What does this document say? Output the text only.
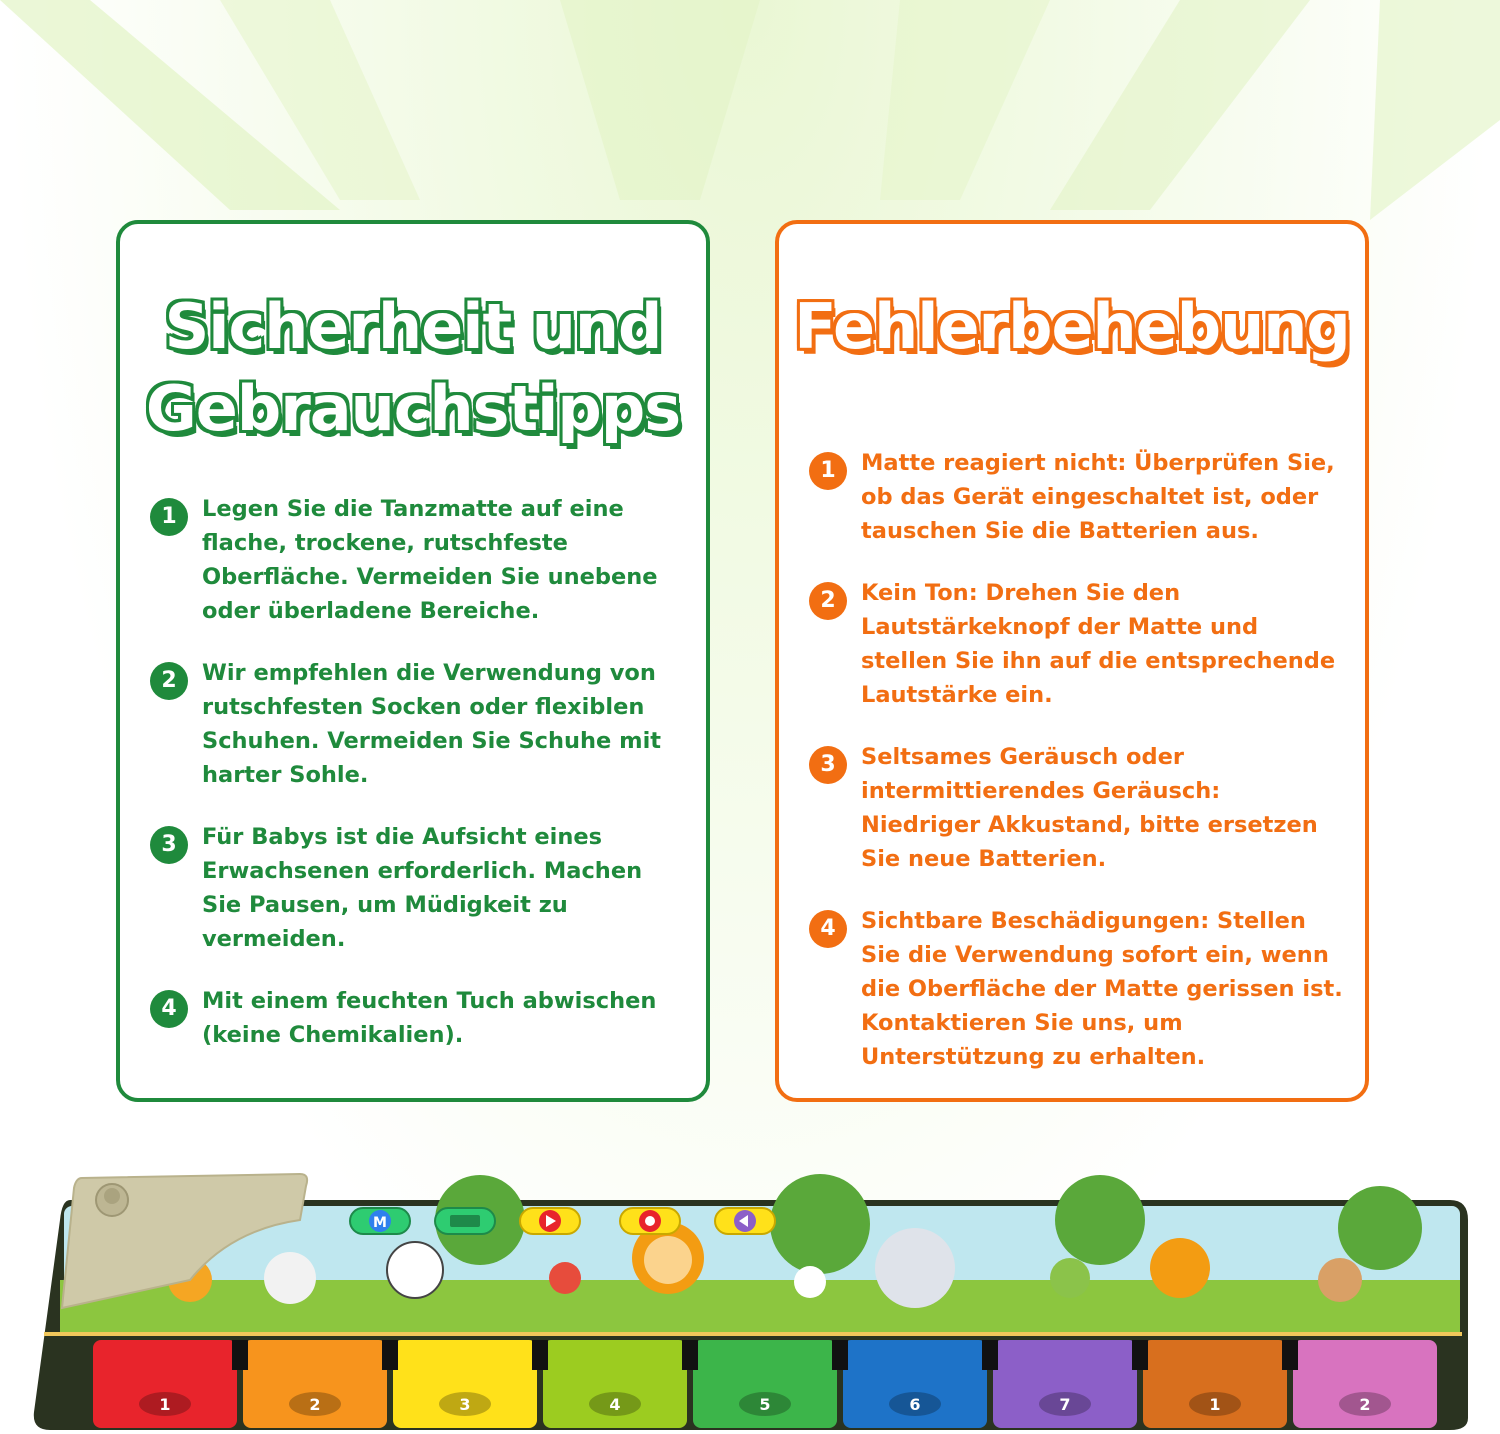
Sicherheit und
Gebrauchstipps
1	Legen Sie die Tanzmatte auf eine flache, trockene, rutschfeste Oberfläche. Vermeiden Sie unebene oder überladene Bereiche.
2	Wir empfehlen die Verwendung von rutschfesten Socken oder flexiblen Schuhen. Vermeiden Sie Schuhe mit harter Sohle.
3	Für Babys ist die Aufsicht eines Erwachsenen erforderlich. Machen Sie Pausen, um Müdigkeit zu vermeiden.
4	Mit einem feuchten Tuch abwischen (keine Chemikalien).
Fehlerbehebung
1	Matte reagiert nicht: Überprüfen Sie, ob das Gerät eingeschaltet ist, oder tauschen Sie die Batterien aus.
2	Kein Ton: Drehen Sie den Lautstärkeknopf der Matte und stellen Sie ihn auf die entsprechende Lautstärke ein.
3	Seltsames Geräusch oder intermittierendes Geräusch: Niedriger Akkustand, bitte ersetzen Sie neue Batterien.
4	Sichtbare Beschädigungen: Stellen Sie die Verwendung sofort ein, wenn die Oberfläche der Matte gerissen ist. Kontaktieren Sie uns, um Unterstützung zu erhalten.
M
1	2	3	4	5	6	7	1	2
